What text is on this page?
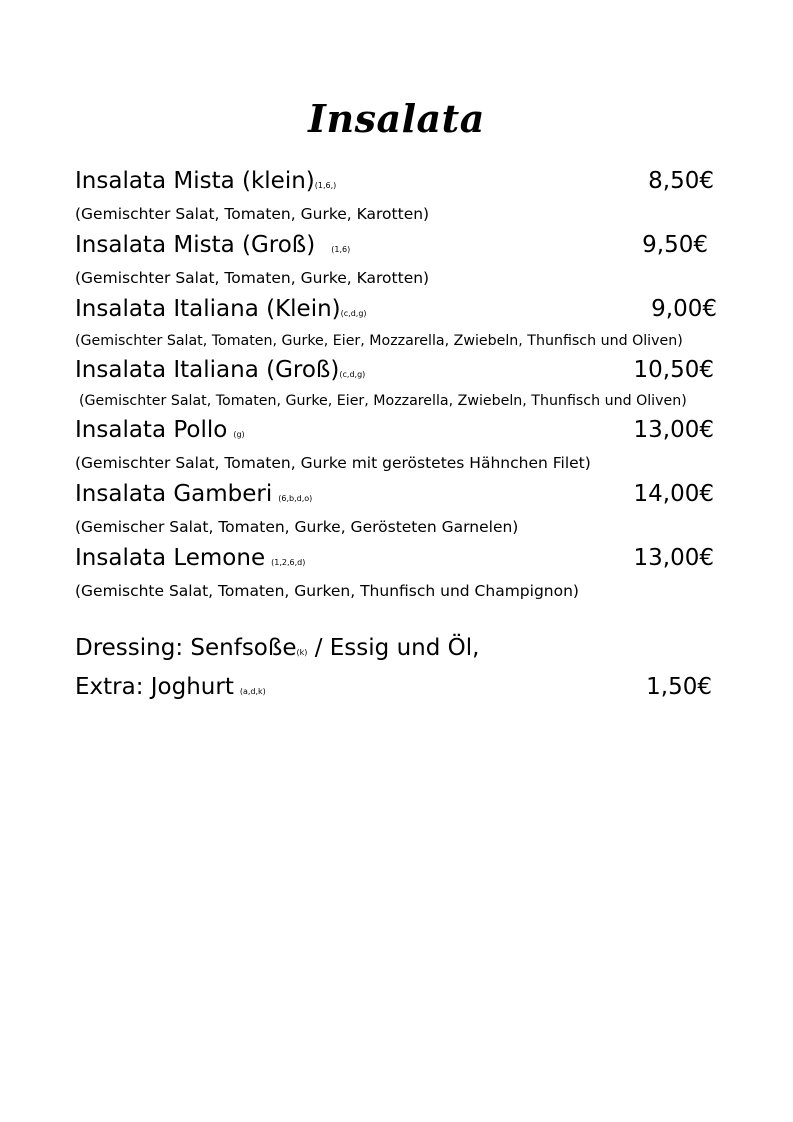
Insalata
Insalata Mista (klein)(1,6,)	8,50€
(Gemischter Salat, Tomaten, Gurke, Karotten)
Insalata Mista (Groß) (1,6)	9,50€
(Gemischter Salat, Tomaten, Gurke, Karotten)
Insalata Italiana (Klein)(c,d,g)	9,00€
(Gemischter Salat, Tomaten, Gurke, Eier, Mozzarella, Zwiebeln, Thunfisch und Oliven)
Insalata Italiana (Groß)(c,d,g)	10,50€
(Gemischter Salat, Tomaten, Gurke, Eier, Mozzarella, Zwiebeln, Thunfisch und Oliven)
Insalata Pollo (g)	13,00€
(Gemischter Salat, Tomaten, Gurke mit geröstetes Hähnchen Filet)
Insalata Gamberi (6,b,d,o)	14,00€
(Gemischer Salat, Tomaten, Gurke, Gerösteten Garnelen)
Insalata Lemone (1,2,6,d)	13,00€
(Gemischte Salat, Tomaten, Gurken, Thunfisch und Champignon)
Dressing: Senfsoße(k) / Essig und Öl,
Extra: Joghurt (a,d,k)	1,50€
